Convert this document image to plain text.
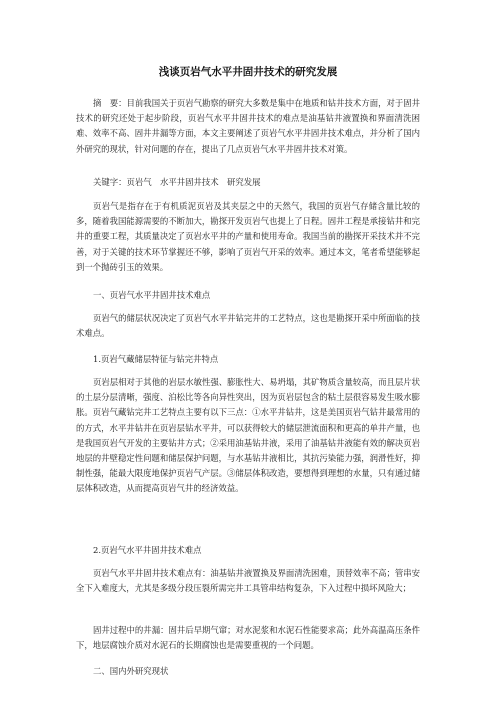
浅谈页岩气水平井固井技术的研究发展
摘　要：目前我国关于页岩气勘察的研究大多数是集中在地质和钻井技术方面，对于固井技术的研究还处于起步阶段，页岩气水平井固井技术的难点是油基钻井液置换和界面清洗困难、效率不高、固井井漏等方面，本文主要阐述了页岩气水平井固井技术难点，并分析了国内外研究的现状，针对问题的存在，提出了几点页岩气水平井固井技术对策。
关键字：页岩气　水平井固井技术　研究发展
页岩气是指存在于有机质泥页岩及其夹层之中的天然气，我国的页岩气存储含量比较的多，随着我国能源需要的不断加大，勘探开发页岩气也提上了日程。固井工程是承接钻井和完井的重要工程，其质量决定了页岩水平井的产量和使用寿命。我国当前的勘探开采技术并不完善，对于关键的技术环节掌握还不够，影响了页岩气开采的效率。通过本文，笔者希望能够起到一个抛砖引玉的效果。
一、页岩气水平井固井技术难点
页岩气的储层状况决定了页岩气水平井钻完井的工艺特点，这也是勘探开采中所面临的技术难点。
1.页岩气藏储层特征与钻完井特点
页岩层相对于其他的岩层水敏性强、膨胀性大、易坍塌，其矿物质含量较高，而且层片状的土层分层清晰，强度、泊松比等各向异性突出，因为页岩层包含的粘土层很容易发生吸水膨胀。页岩气藏钻完井工艺特点主要有以下三点：①水平井钻井，这是美国页岩气钻井最常用的的方式，水平井钻井在页岩层钻水平井，可以获得较大的储层泄流面积和更高的单井产量，也是我国页岩气开发的主要钻井方式；②采用油基钻井液，采用了油基钻井液能有效的解决页岩地层的井壁稳定性问题和储层保护问题，与水基钻井液相比，其抗污染能力强，润滑性好，抑制性强，能最大限度地保护页岩气产层。③储层体积改造，要想得到理想的水量，只有通过储层体积改造，从而提高页岩气井的经济效益。
2.页岩气水平井固井技术难点
页岩气水平井固井技术难点有：油基钻井液置换及界面清洗困难，顶替效率不高；管串安全下入难度大，尤其是多级分段压裂所需完井工具管串结构复杂，下入过程中损坏风险大；
固井过程中的井漏：固井后早期气窜；对水泥浆和水泥石性能要求高；此外高温高压条件下，地层腐蚀介质对水泥石的长期腐蚀也是需要重视的一个问题。
二、国内外研究现状
